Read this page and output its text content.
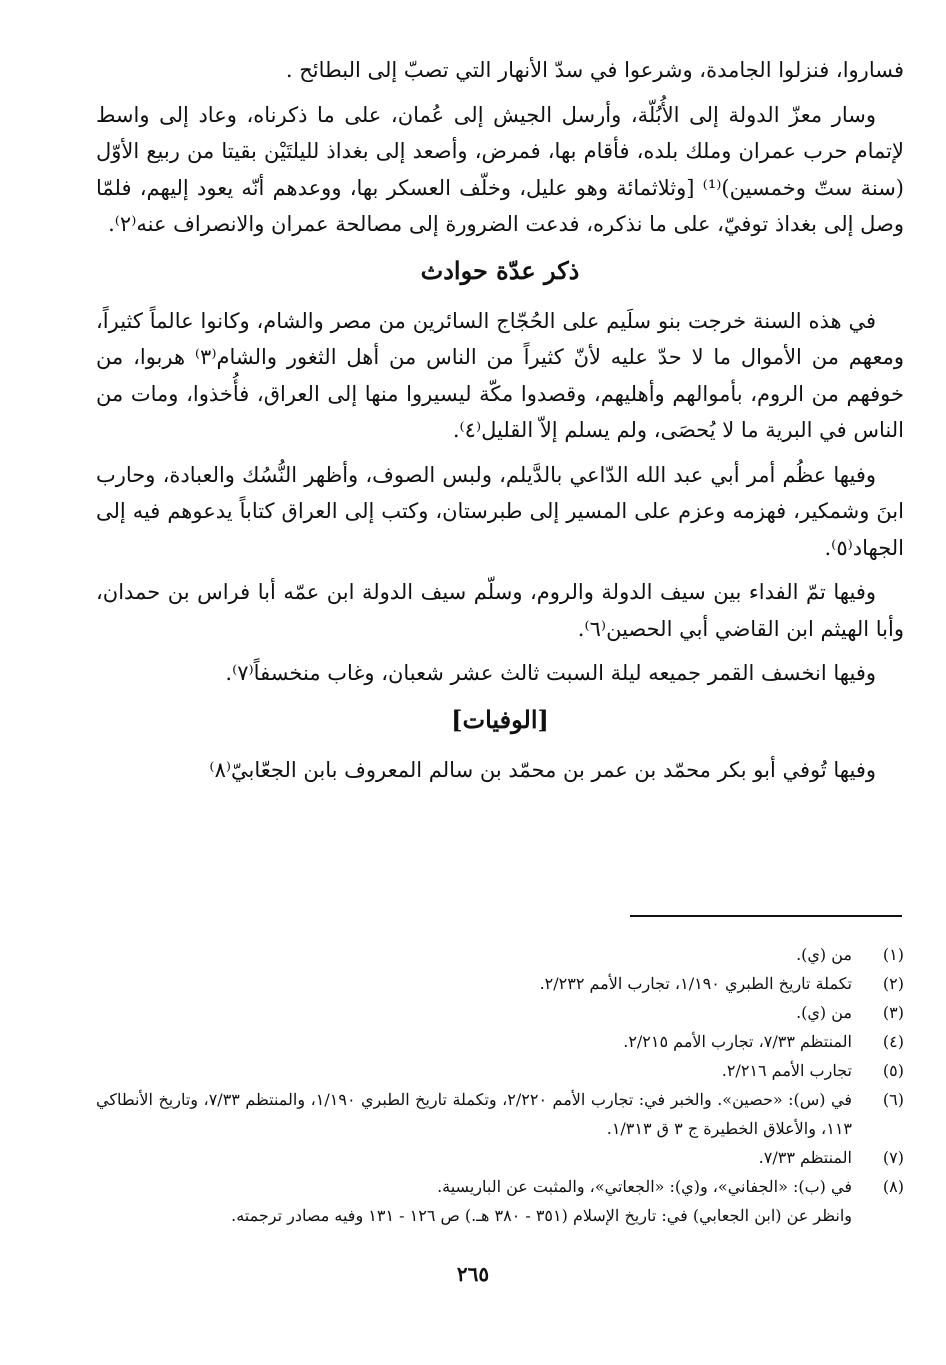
فساروا، فنزلوا الجامدة، وشرعوا في سدّ الأنهار التي تصبّ إلى البطائح .

وسار معزّ الدولة إلى الأُبُلّة، وأرسل الجيش إلى عُمان، على ما ذكرناه، وعاد إلى واسط لإتمام حرب عمران وملك بلده، فأقام بها، فمرض، وأصعد إلى بغداذ لليلتَيْن بقيتا من ربيع الأوّل (سنة ستّ وخمسين)⁽¹⁾ [وثلاثمائة وهو عليل، وخلّف العسكر بها، ووعدهم أنّه يعود إليهم، فلمّا وصل إلى بغداذ توفيّ، على ما نذكره، فدعت الضرورة إلى مصالحة عمران والانصراف عنه⁽٢⁾.

ذكر عدّة حوادث

في هذه السنة خرجت بنو سلَيم على الحُجّاج السائرين من مصر والشام، وكانوا عالماً كثيراً، ومعهم من الأموال ما لا حدّ عليه لأنّ كثيراً من الناس من أهل الثغور والشام⁽٣⁾ هربوا، من خوفهم من الروم، بأموالهم وأهليهم، وقصدوا مكّة ليسيروا منها إلى العراق، فأُخذوا، ومات من الناس في البرية ما لا يُحصَى، ولم يسلم إلاّ القليل⁽٤⁾.

وفيها عظُم أمر أبي عبد الله الدّاعي بالدَّيلم، ولبس الصوف، وأظهر النُّسُك والعبادة، وحارب ابنَ وشمكير، فهزمه وعزم على المسير إلى طبرستان، وكتب إلى العراق كتاباً يدعوهم فيه إلى الجهاد⁽٥⁾.

وفيها تمّ الفداء بين سيف الدولة والروم، وسلّم سيف الدولة ابن عمّه أبا فراس بن حمدان، وأبا الهيثم ابن القاضي أبي الحصين⁽٦⁾.

وفيها انخسف القمر جميعه ليلة السبت ثالث عشر شعبان، وغاب منخسفاً⁽٧⁾.

[الوفيات]

وفيها تُوفي أبو بكر محمّد بن عمر بن محمّد بن سالم المعروف بابن الجعّابيّ⁽٨⁾

(١)
من (ي).
(٢)
تكملة تاريخ الطبري ١/١٩٠، تجارب الأمم ٢/٢٣٢.
(٣)
من (ي).
(٤)
المنتظم ٧/٣٣، تجارب الأمم ٢/٢١٥.
(٥)
تجارب الأمم ٢/٢١٦.
(٦)
في (س): «حصين». والخبر في: تجارب الأمم ٢/٢٢٠، وتكملة تاريخ الطبري ١/١٩٠، والمنتظم ٧/٣٣، وتاريخ الأنطاكي ١١٣، والأعلاق الخطيرة ج ٣ ق ١/٣١٣.
(٧)
المنتظم ٧/٣٣.
(٨)
في (ب): «الجفاني»، و(ي): «الجعاتي»، والمثبت عن الباريسية.
وانظر عن (ابن الجعابي) في: تاريخ الإسلام (٣٥١ - ٣٨٠ هـ.) ص ١٢٦ - ١٣١ وفيه مصادر ترجمته.
٢٦٥
